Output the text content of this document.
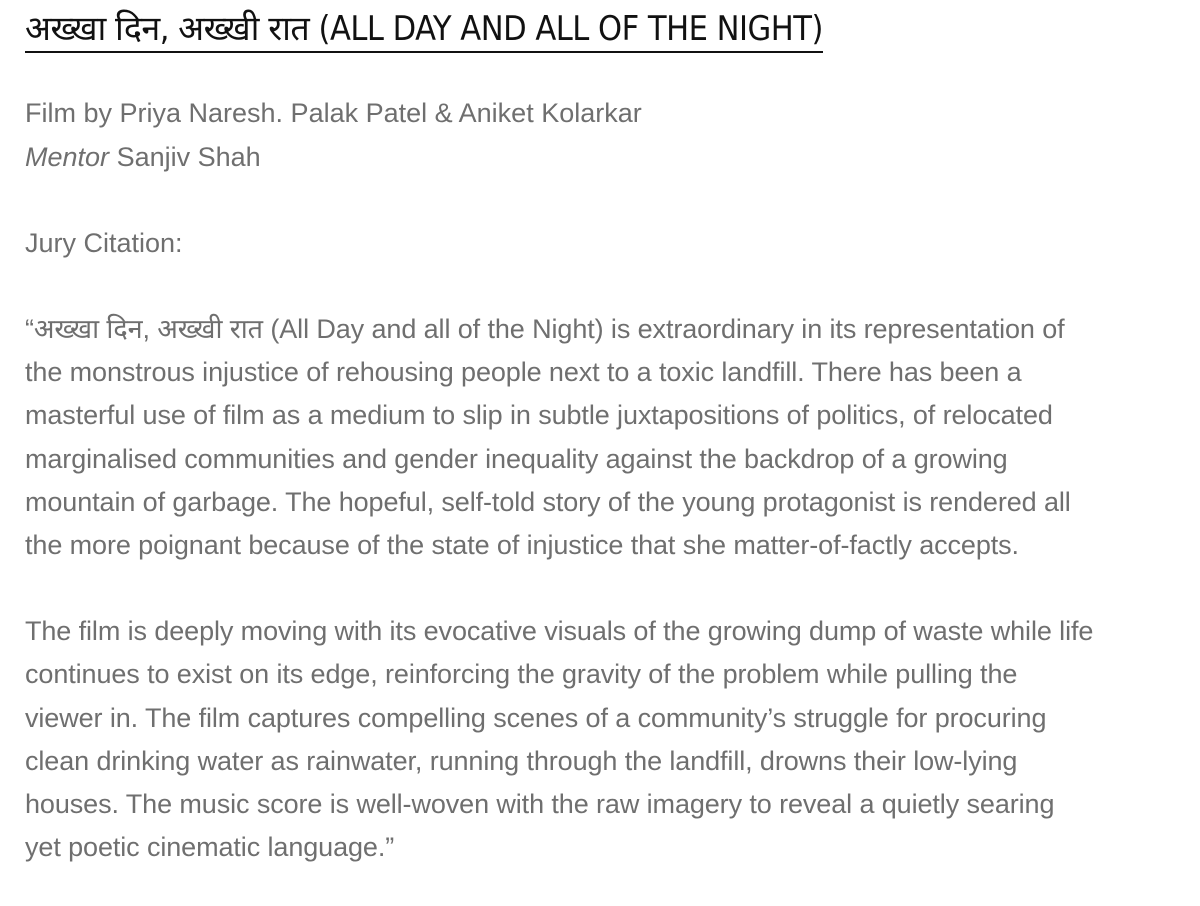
अख्खा दिन, अख्खी रात (ALL DAY AND ALL OF THE NIGHT)
Film by Priya Naresh. Palak Patel & Aniket Kolarkar
Mentor Sanjiv Shah
Jury Citation:
“अख्खा दिन, अख्खी रात (All Day and all of the Night) is extraordinary in its representation of
the monstrous injustice of rehousing people next to a toxic landfill. There has been a
masterful use of film as a medium to slip in subtle juxtapositions of politics, of relocated
marginalised communities and gender inequality against the backdrop of a growing
mountain of garbage. The hopeful, self-told story of the young protagonist is rendered all
the more poignant because of the state of injustice that she matter-of-factly accepts.
The film is deeply moving with its evocative visuals of the growing dump of waste while life
continues to exist on its edge, reinforcing the gravity of the problem while pulling the
viewer in. The film captures compelling scenes of a community’s struggle for procuring
clean drinking water as rainwater, running through the landfill, drowns their low-lying
houses. The music score is well-woven with the raw imagery to reveal a quietly searing
yet poetic cinematic language.”
